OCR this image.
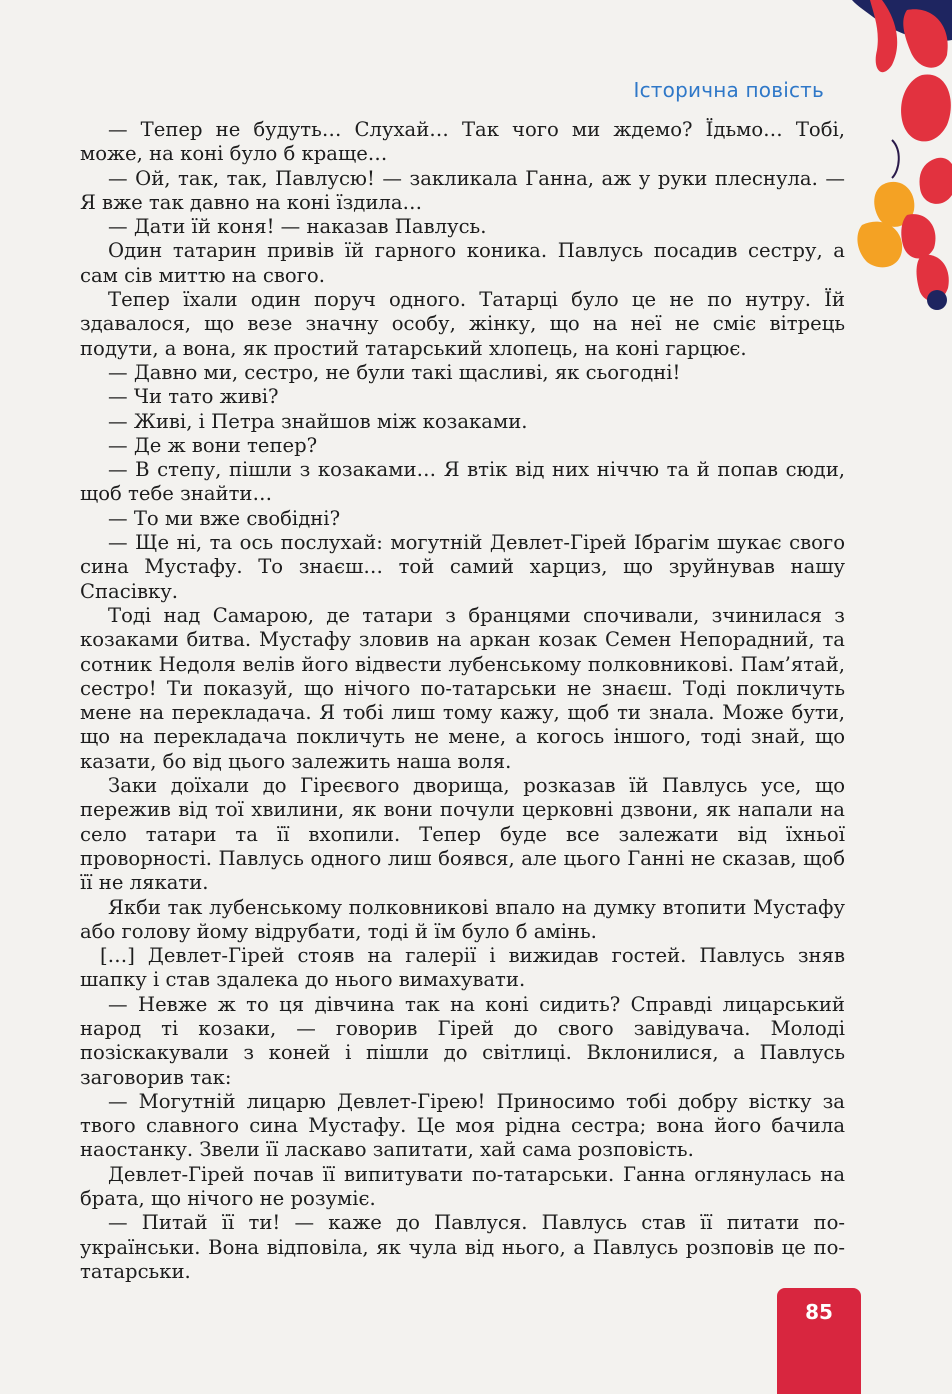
Історична повість

— Тепер не будуть… Слухай… Так чого ми ждемо? Їдьмо… Тобі, може, на коні було б краще…

— Ой, так, так, Павлусю! — закликала Ганна, аж у руки плеснула. — Я вже так давно на коні їздила…

— Дати їй коня! — наказав Павлусь.

Один татарин привів їй гарного коника. Павлусь посадив сестру, а сам сів миттю на свого.

Тепер їхали один поруч одного. Татарці було це не по нутру. Їй здавалося, що везе значну особу, жінку, що на неї не сміє вітрець подути, а вона, як простий татарський хлопець, на коні гарцює.

— Давно ми, сестро, не були такі щасливі, як сьогодні!

— Чи тато живі?

— Живі, і Петра знайшов між козаками.

— Де ж вони тепер?

— В степу, пішли з козаками… Я втік від них ніччю та й попав сюди, щоб тебе знайти…

— То ми вже свобідні?

— Ще ні, та ось послухай: могутній Девлет-Гірей Ібрагім шукає свого сина Мустафу. То знаєш… той самий харциз, що зруйнував нашу Спасівку.

Тоді над Самарою, де татари з бранцями спочивали, зчинилася з козаками битва. Мустафу зловив на аркан козак Семен Непорадний, та сотник Недоля велів його відвести лубенському полковникові. Пам’ятай, сестро! Ти показуй, що нічого по-татарськи не знаєш. Тоді покличуть мене на перекладача. Я тобі лиш тому кажу, щоб ти знала. Може бути, що на перекладача покличуть не мене, а когось іншого, тоді знай, що казати, бо від цього залежить наша воля.

Заки доїхали до Гіреєвого дворища, розказав їй Павлусь усе, що пережив від тої хвилини, як вони почули церковні дзвони, як напали на село татари та її вхопили. Тепер буде все залежати від їхньої проворності. Павлусь одного лиш боявся, але цього Ганні не сказав, щоб її не лякати.

Якби так лубенському полковникові впало на думку втопити Мустафу або голову йому відрубати, тоді й їм було б амінь.

[…] Девлет-Гірей стояв на галерії і вижидав гостей. Павлусь зняв шапку і став здалека до нього вимахувати.

— Невже ж то ця дівчина так на коні сидить? Справді лицарський народ ті козаки, — говорив Гірей до свого завідувача. Молоді позіскакували з коней і пішли до світлиці. Вклонилися, а Павлусь заговорив так:

— Могутній лицарю Девлет-Гірею! Приносимо тобі добру вістку за твого славного сина Мустафу. Це моя рідна сестра; вона його бачила наостанку. Звели її ласкаво запитати, хай сама розповість.

Девлет-Гірей почав її випитувати по-татарськи. Ганна оглянулась на брата, що нічого не розуміє.

— Питай її ти! — каже до Павлуся. Павлусь став її питати по-українськи. Вона відповіла, як чула від нього, а Павлусь розповів це по-татарськи.

85
